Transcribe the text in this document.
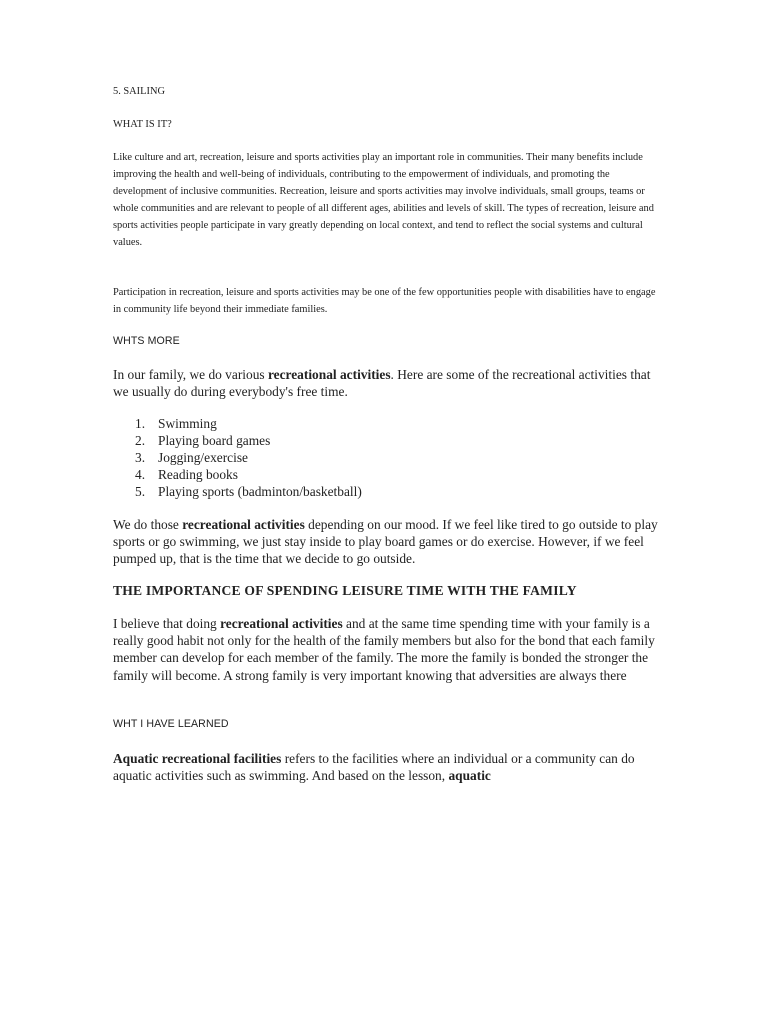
5. SAILING

WHAT IS IT?

Like culture and art, recreation, leisure and sports activities play an important role in communities. Their many benefits include improving the health and well-being of individuals, contributing to the empowerment of individuals, and promoting the development of inclusive communities. Recreation, leisure and sports activities may involve individuals, small groups, teams or whole communities and are relevant to people of all different ages, abilities and levels of skill. The types of recreation, leisure and sports activities people participate in vary greatly depending on local context, and tend to reflect the social systems and cultural values.

Participation in recreation, leisure and sports activities may be one of the few opportunities people with disabilities have to engage in community life beyond their immediate families.

WHTS MORE

In our family, we do various recreational activities. Here are some of the recreational activities that we usually do during everybody's free time.

1. Swimming
2. Playing board games
3. Jogging/exercise
4. Reading books
5. Playing sports (badminton/basketball)

We do those recreational activities depending on our mood. If we feel like tired to go outside to play sports or go swimming, we just stay inside to play board games or do exercise. However, if we feel pumped up, that is the time that we decide to go outside.

THE IMPORTANCE OF SPENDING LEISURE TIME WITH THE FAMILY

I believe that doing recreational activities and at the same time spending time with your family is a really good habit not only for the health of the family members but also for the bond that each family member can develop for each member of the family. The more the family is bonded the stronger the family will become. A strong family is very important knowing that adversities are always there

WHT I HAVE LEARNED

Aquatic recreational facilities refers to the facilities where an individual or a community can do aquatic activities such as swimming. And based on the lesson, aquatic
